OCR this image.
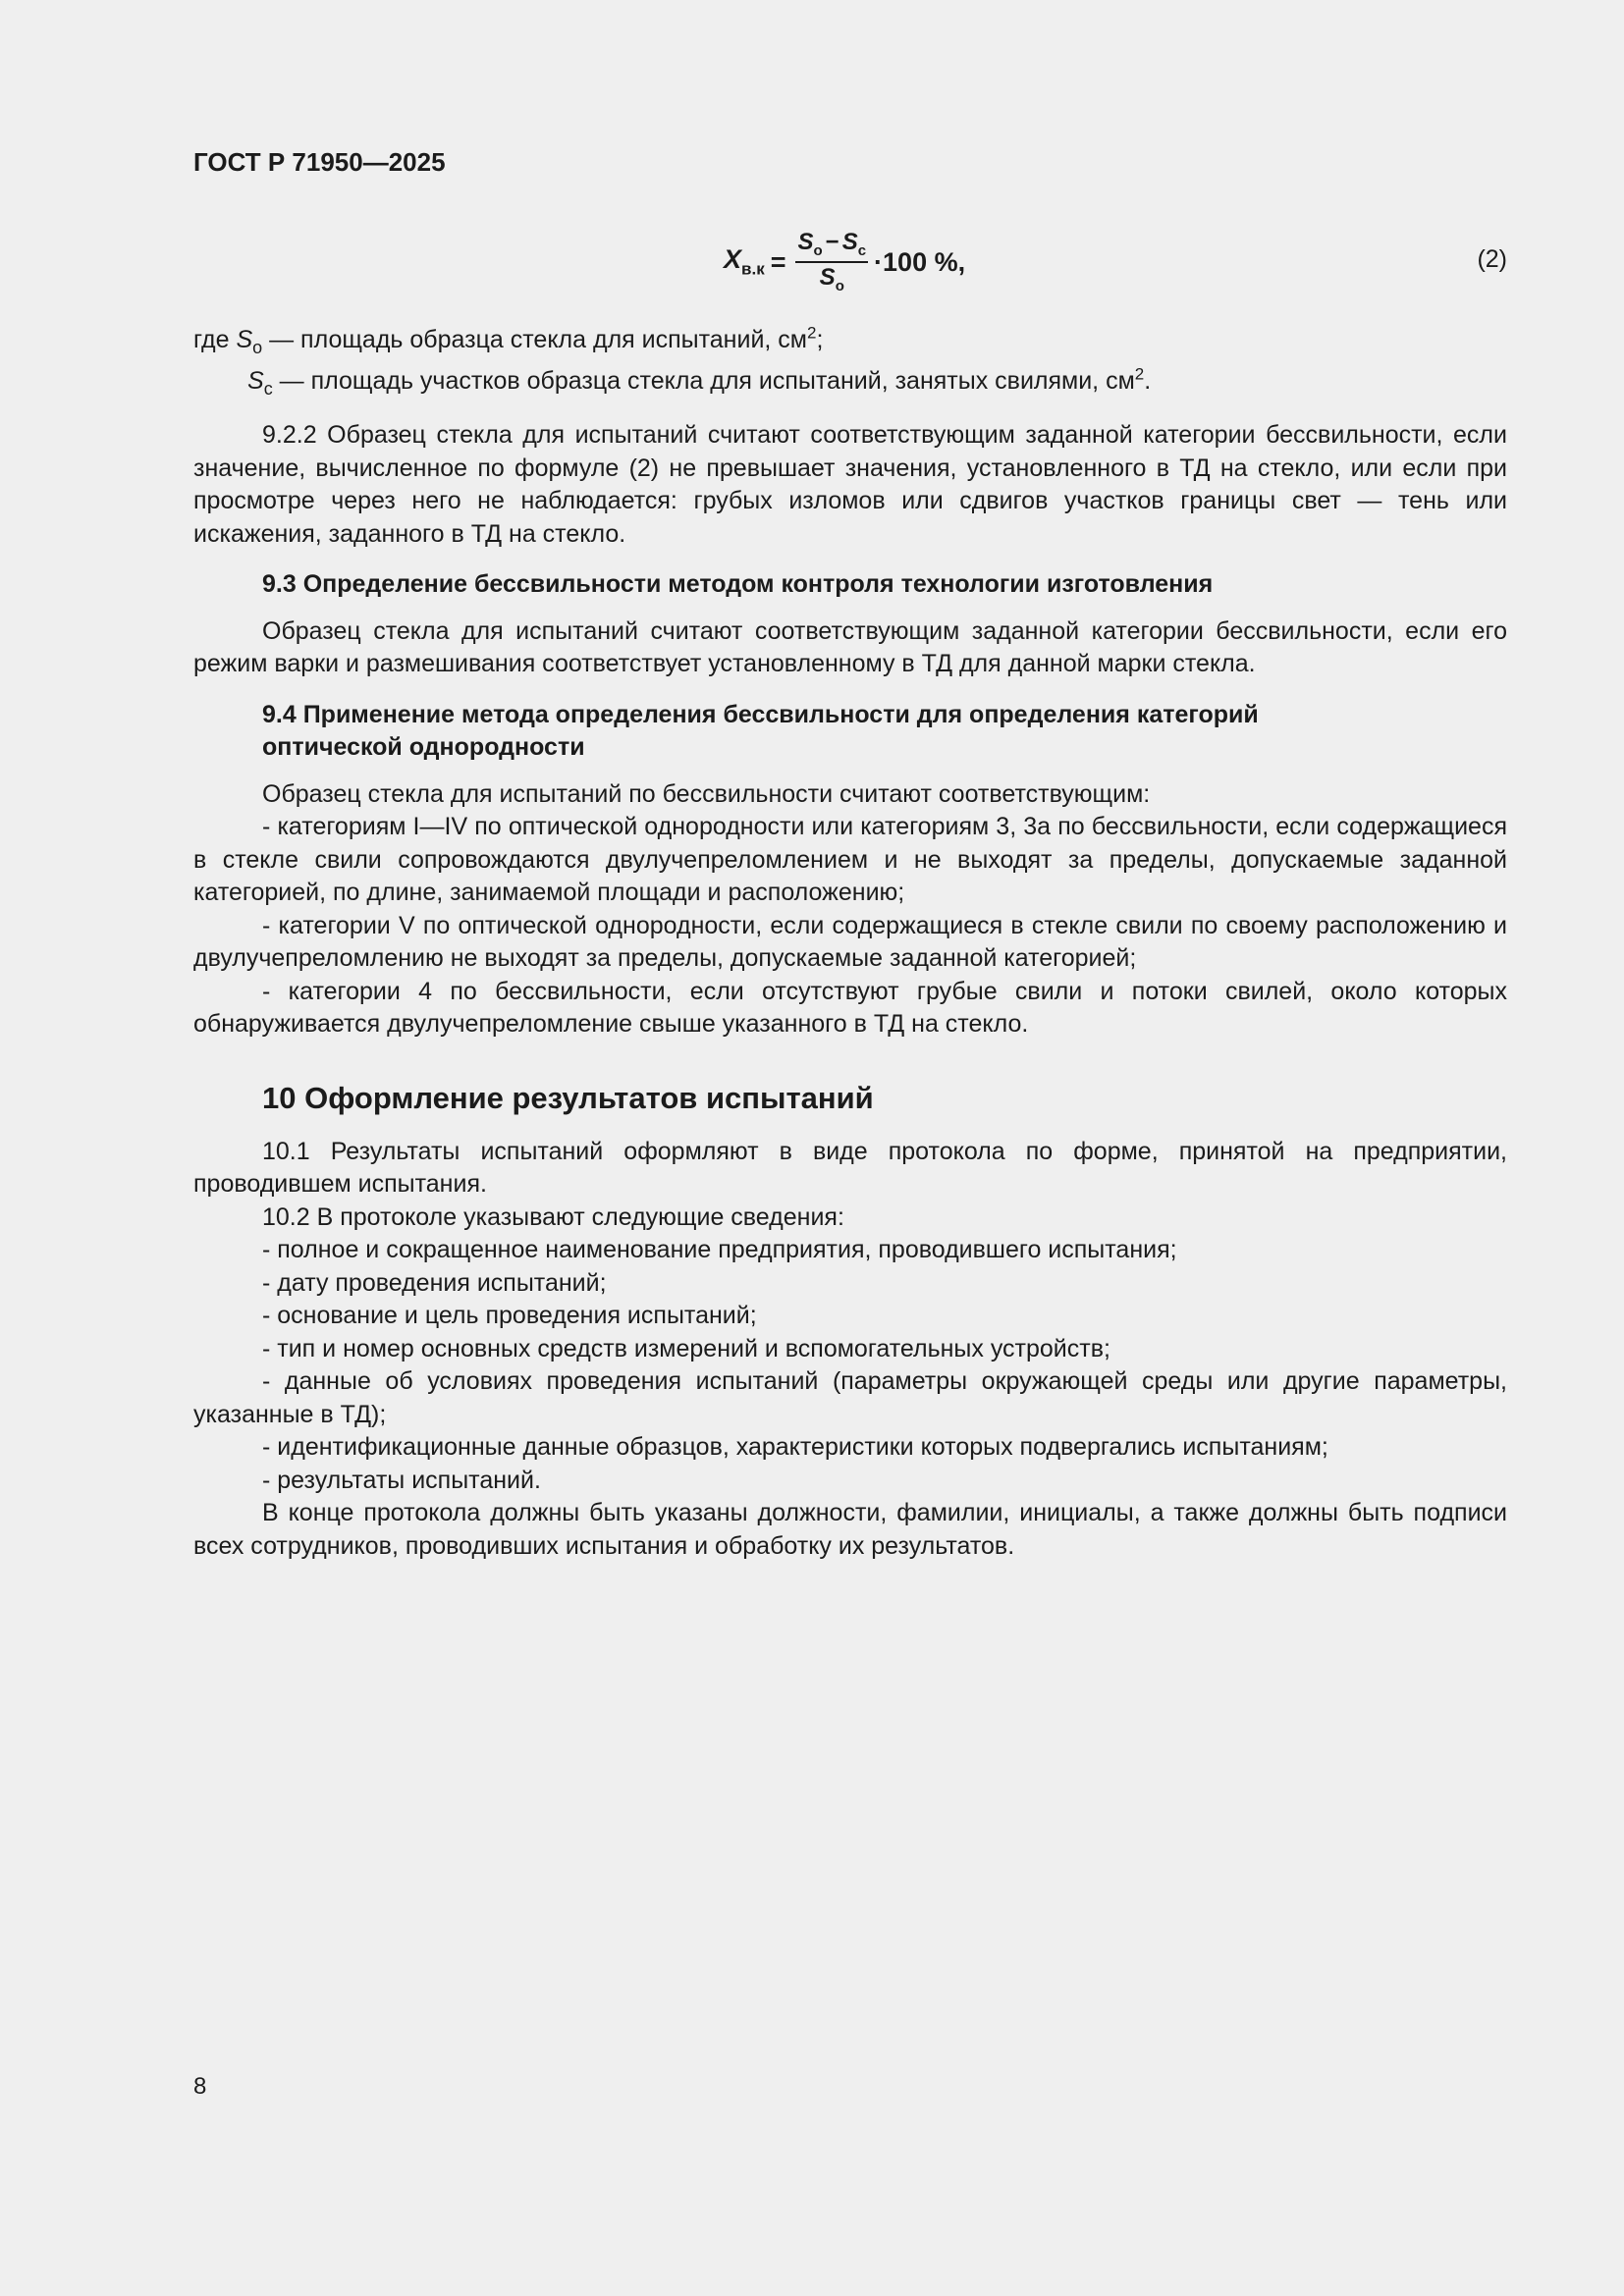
ГОСТ Р 71950—2025

$X_{в.к} = \frac{S_о - S_с}{S_о} \cdot 100$ %,	(2)

где $S_о$ — площадь образца стекла для испытаний, $см^2$;

$S_с$ — площадь участков образца стекла для испытаний, занятых свилями, $см^2$.

9.2.2 Образец стекла для испытаний считают соответствующим заданной категории бессвильности, если значение, вычисленное по формуле (2) не превышает значения, установленного в ТД на стекло, или если при просмотре через него не наблюдается: грубых изломов или сдвигов участков границы свет — тень или искажения, заданного в ТД на стекло.

9.3 Определение бессвильности методом контроля технологии изготовления

Образец стекла для испытаний считают соответствующим заданной категории бессвильности, если его режим варки и размешивания соответствует установленному в ТД для данной марки стекла.

9.4 Применение метода определения бессвильности для определения категорий
оптической однородности

Образец стекла для испытаний по бессвильности считают соответствующим:

- категориям I—IV по оптической однородности или категориям 3, 3а по бессвильности, если содержащиеся в стекле свили сопровождаются двулучепреломлением и не выходят за пределы, допускаемые заданной категорией, по длине, занимаемой площади и расположению;

- категории V по оптической однородности, если содержащиеся в стекле свили по своему расположению и двулучепреломлению не выходят за пределы, допускаемые заданной категорией;

- категории 4 по бессвильности, если отсутствуют грубые свили и потоки свилей, около которых обнаруживается двулучепреломление свыше указанного в ТД на стекло.

10 Оформление результатов испытаний

10.1 Результаты испытаний оформляют в виде протокола по форме, принятой на предприятии, проводившем испытания.

10.2 В протоколе указывают следующие сведения:

- полное и сокращенное наименование предприятия, проводившего испытания;

- дату проведения испытаний;

- основание и цель проведения испытаний;

- тип и номер основных средств измерений и вспомогательных устройств;

- данные об условиях проведения испытаний (параметры окружающей среды или другие параметры, указанные в ТД);

- идентификационные данные образцов, характеристики которых подвергались испытаниям;

- результаты испытаний.

В конце протокола должны быть указаны должности, фамилии, инициалы, а также должны быть подписи всех сотрудников, проводивших испытания и обработку их результатов.

8
